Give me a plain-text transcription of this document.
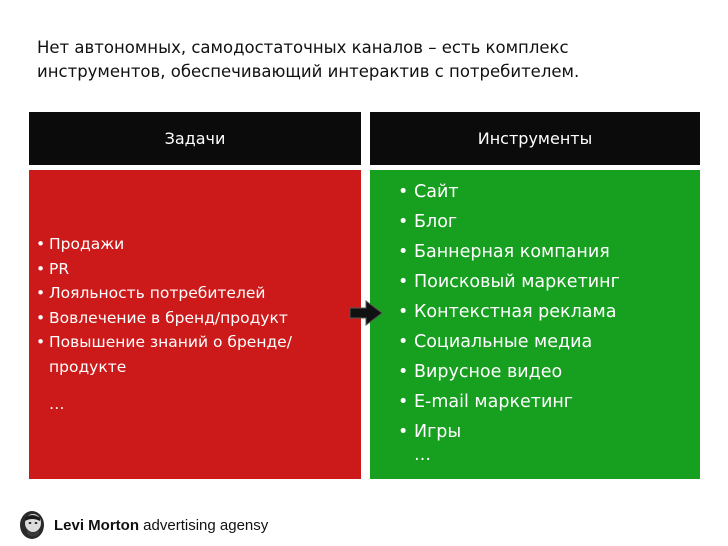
Нет автономных, самодостаточных каналов – есть комплекс
инструментов, обеспечивающий интерактив с потребителем.
Задачи	Инструменты
• Продажи
• PR
• Лояльность потребителей
• Вовлечение в бренд/продукт
• Повышение знаний о бренде/
продукте
…
• Сайт
• Блог
• Баннерная компания
• Поисковый маркетинг
• Контекстная реклама
• Социальные медиа
• Вирусное видео
• E-mail маркетинг
• Игры
…
Levi Morton advertising agensy
